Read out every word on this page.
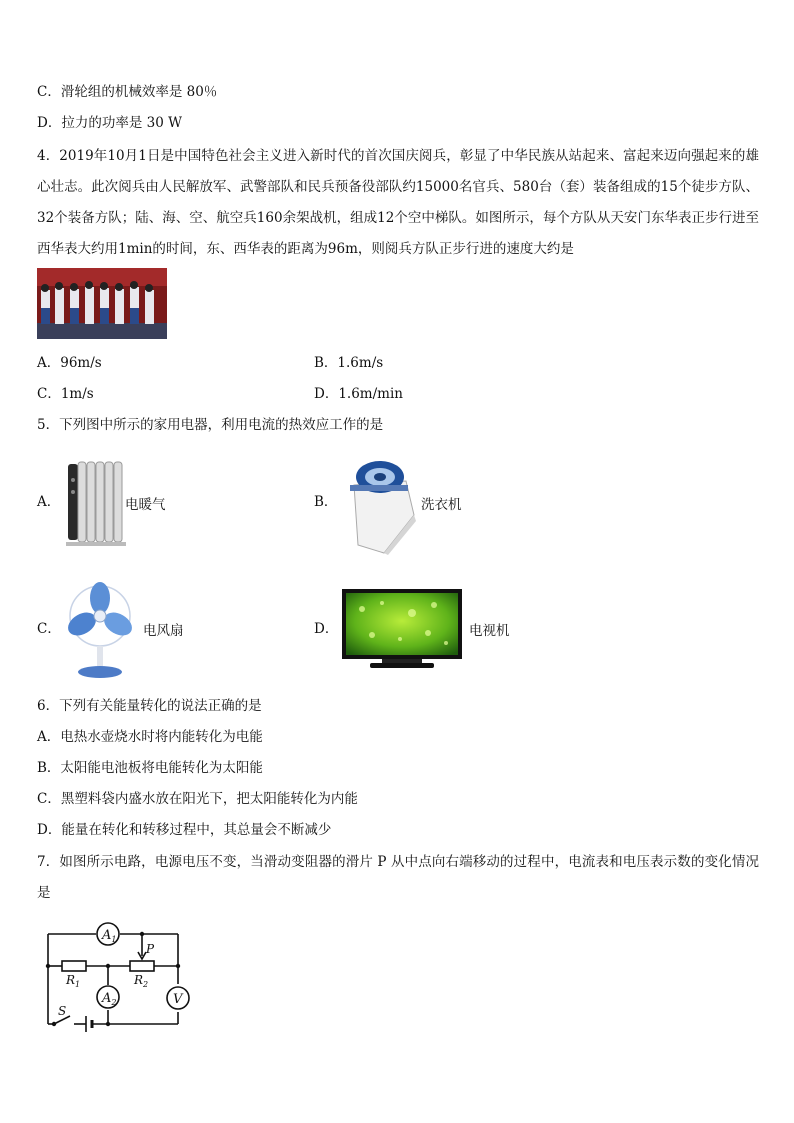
C．滑轮组的机械效率是 80％
D．拉力的功率是 30 W
4．2019年10月1日是中国特色社会主义进入新时代的首次国庆阅兵，彰显了中华民族从站起来、富起来迈向强起来的雄心壮志。此次阅兵由人民解放军、武警部队和民兵预备役部队约15000名官兵、580台（套）装备组成的15个徒步方队、32个装备方队；陆、海、空、航空兵160余架战机，组成12个空中梯队。如图所示，每个方队从天安门东华表正步行进至西华表大约用1min的时间，东、西华表的距离为96m，则阅兵方队正步行进的速度大约是
A．96m/s	B．1.6m/s
C．1m/s	D．1.6m/min
5．下列图中所示的家用电器，利用电流的热效应工作的是
A．	电暖气	B．	洗衣机
C．	电风扇	D．	电视机
6．下列有关能量转化的说法正确的是
A．电热水壶烧水时将内能转化为电能
B．太阳能电池板将电能转化为太阳能
C．黑塑料袋内盛水放在阳光下，把太阳能转化为内能
D．能量在转化和转移过程中，其总量会不断减少
7．如图所示电路，电源电压不变，当滑动变阻器的滑片 P 从中点向右端移动的过程中，电流表和电压表示数的变化情况是
$A_1$
$A_2$	V
P
$R_1$	$R_2$
S
